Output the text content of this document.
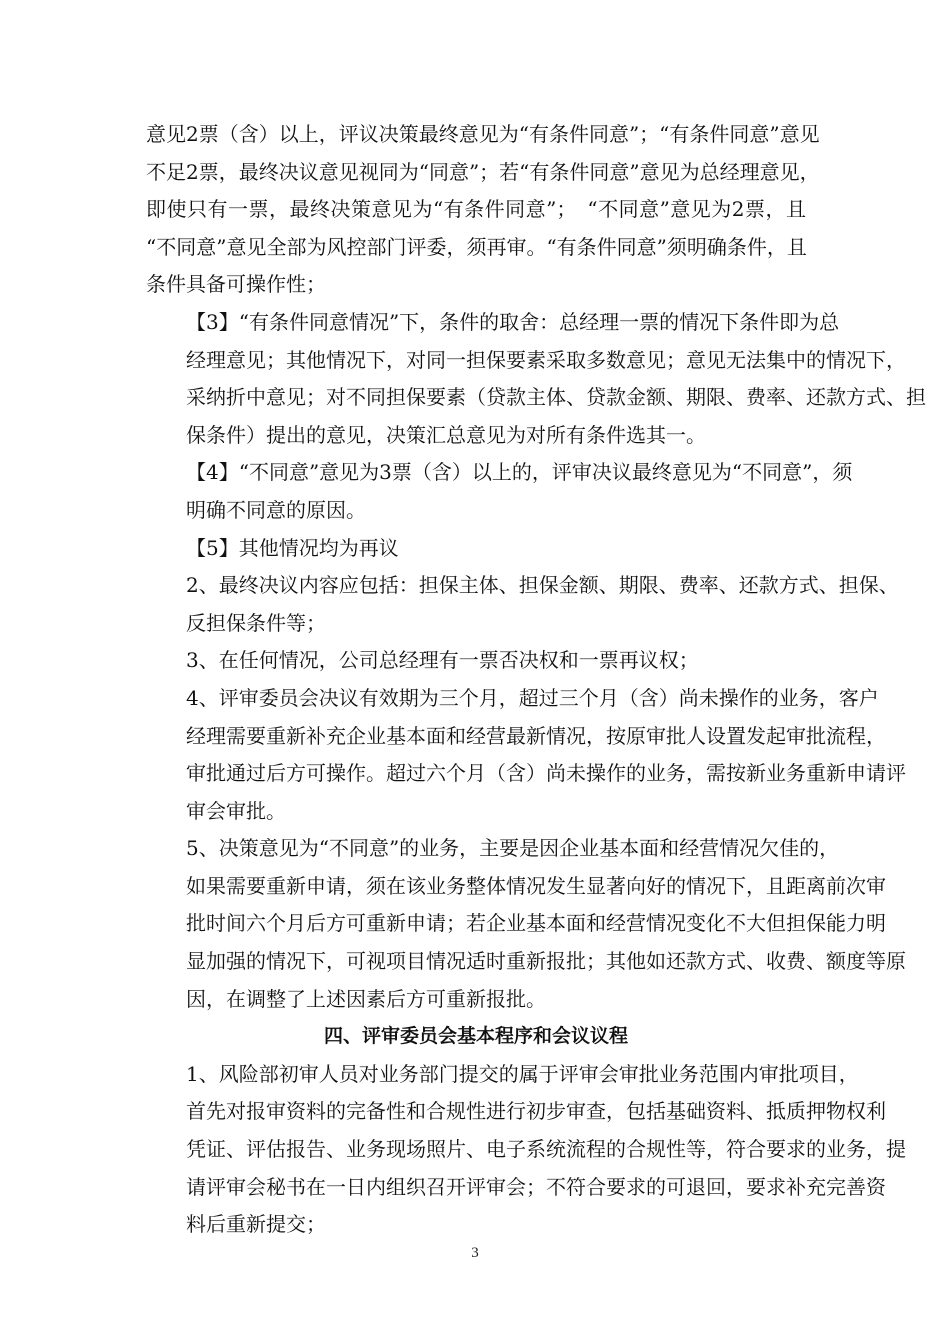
意见2票（含）以上，评议决策最终意见为“有条件同意”；“有条件同意”意见
不足2票，最终决议意见视同为“同意”；若“有条件同意”意见为总经理意见，
即使只有一票，最终决策意见为“有条件同意”；　“不同意”意见为2票，且
“不同意”意见全部为风控部门评委，须再审。“有条件同意”须明确条件，且
条件具备可操作性；

【3】“有条件同意情况”下，条件的取舍：总经理一票的情况下条件即为总
经理意见；其他情况下，对同一担保要素采取多数意见；意见无法集中的情况下，
采纳折中意见；对不同担保要素（贷款主体、贷款金额、期限、费率、还款方式、担
保条件）提出的意见，决策汇总意见为对所有条件选其一。

【4】“不同意”意见为3票（含）以上的，评审决议最终意见为“不同意”，须
明确不同意的原因。

【5】其他情况均为再议

2、最终决议内容应包括：担保主体、担保金额、期限、费率、还款方式、担保、
反担保条件等；

3、在任何情况，公司总经理有一票否决权和一票再议权；

4、评审委员会决议有效期为三个月，超过三个月（含）尚未操作的业务，客户
经理需要重新补充企业基本面和经营最新情况，按原审批人设置发起审批流程，
审批通过后方可操作。超过六个月（含）尚未操作的业务，需按新业务重新申请评
审会审批。

5、决策意见为“不同意”的业务，主要是因企业基本面和经营情况欠佳的，
如果需要重新申请，须在该业务整体情况发生显著向好的情况下，且距离前次审
批时间六个月后方可重新申请；若企业基本面和经营情况变化不大但担保能力明
显加强的情况下，可视项目情况适时重新报批；其他如还款方式、收费、额度等原
因，在调整了上述因素后方可重新报批。

四、评审委员会基本程序和会议议程

1、风险部初审人员对业务部门提交的属于评审会审批业务范围内审批项目，
首先对报审资料的完备性和合规性进行初步审查，包括基础资料、抵质押物权利
凭证、评估报告、业务现场照片、电子系统流程的合规性等，符合要求的业务，提
请评审会秘书在一日内组织召开评审会；不符合要求的可退回，要求补充完善资
料后重新提交；

3
